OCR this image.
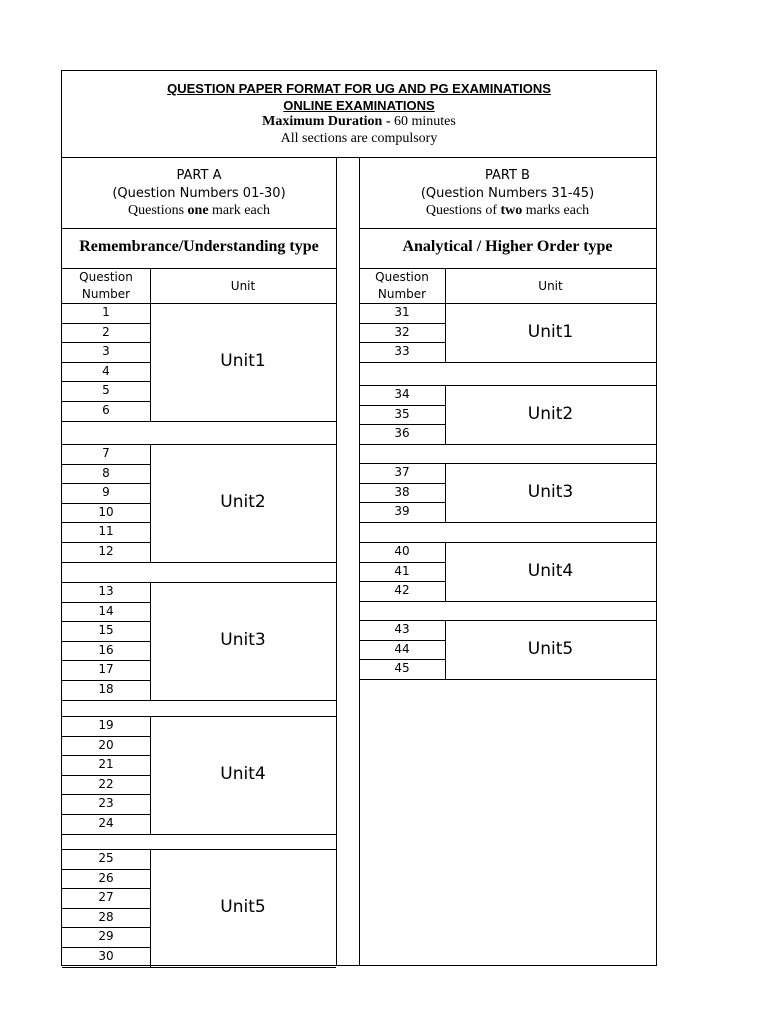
QUESTION PAPER FORMAT FOR UG AND PG EXAMINATIONS
ONLINE EXAMINATIONS
Maximum Duration - 60 minutes
All sections are compulsory
PART A
(Question Numbers 01-30)
Questions one mark each
Remembrance/Understanding type
PART B
(Question Numbers 31-45)
Questions of two marks each
Analytical / Higher Order type
Question
Number
Unit
Question
Number
Unit
1
2
3
4
5
6
Unit1
7
8
9
10
11
12
Unit2
13
14
15
16
17
18
Unit3
19
20
21
22
23
24
Unit4
25
26
27
28
29
30
Unit5
31
32
33
Unit1
34
35
36
Unit2
37
38
39
Unit3
40
41
42
Unit4
43
44
45
Unit5
